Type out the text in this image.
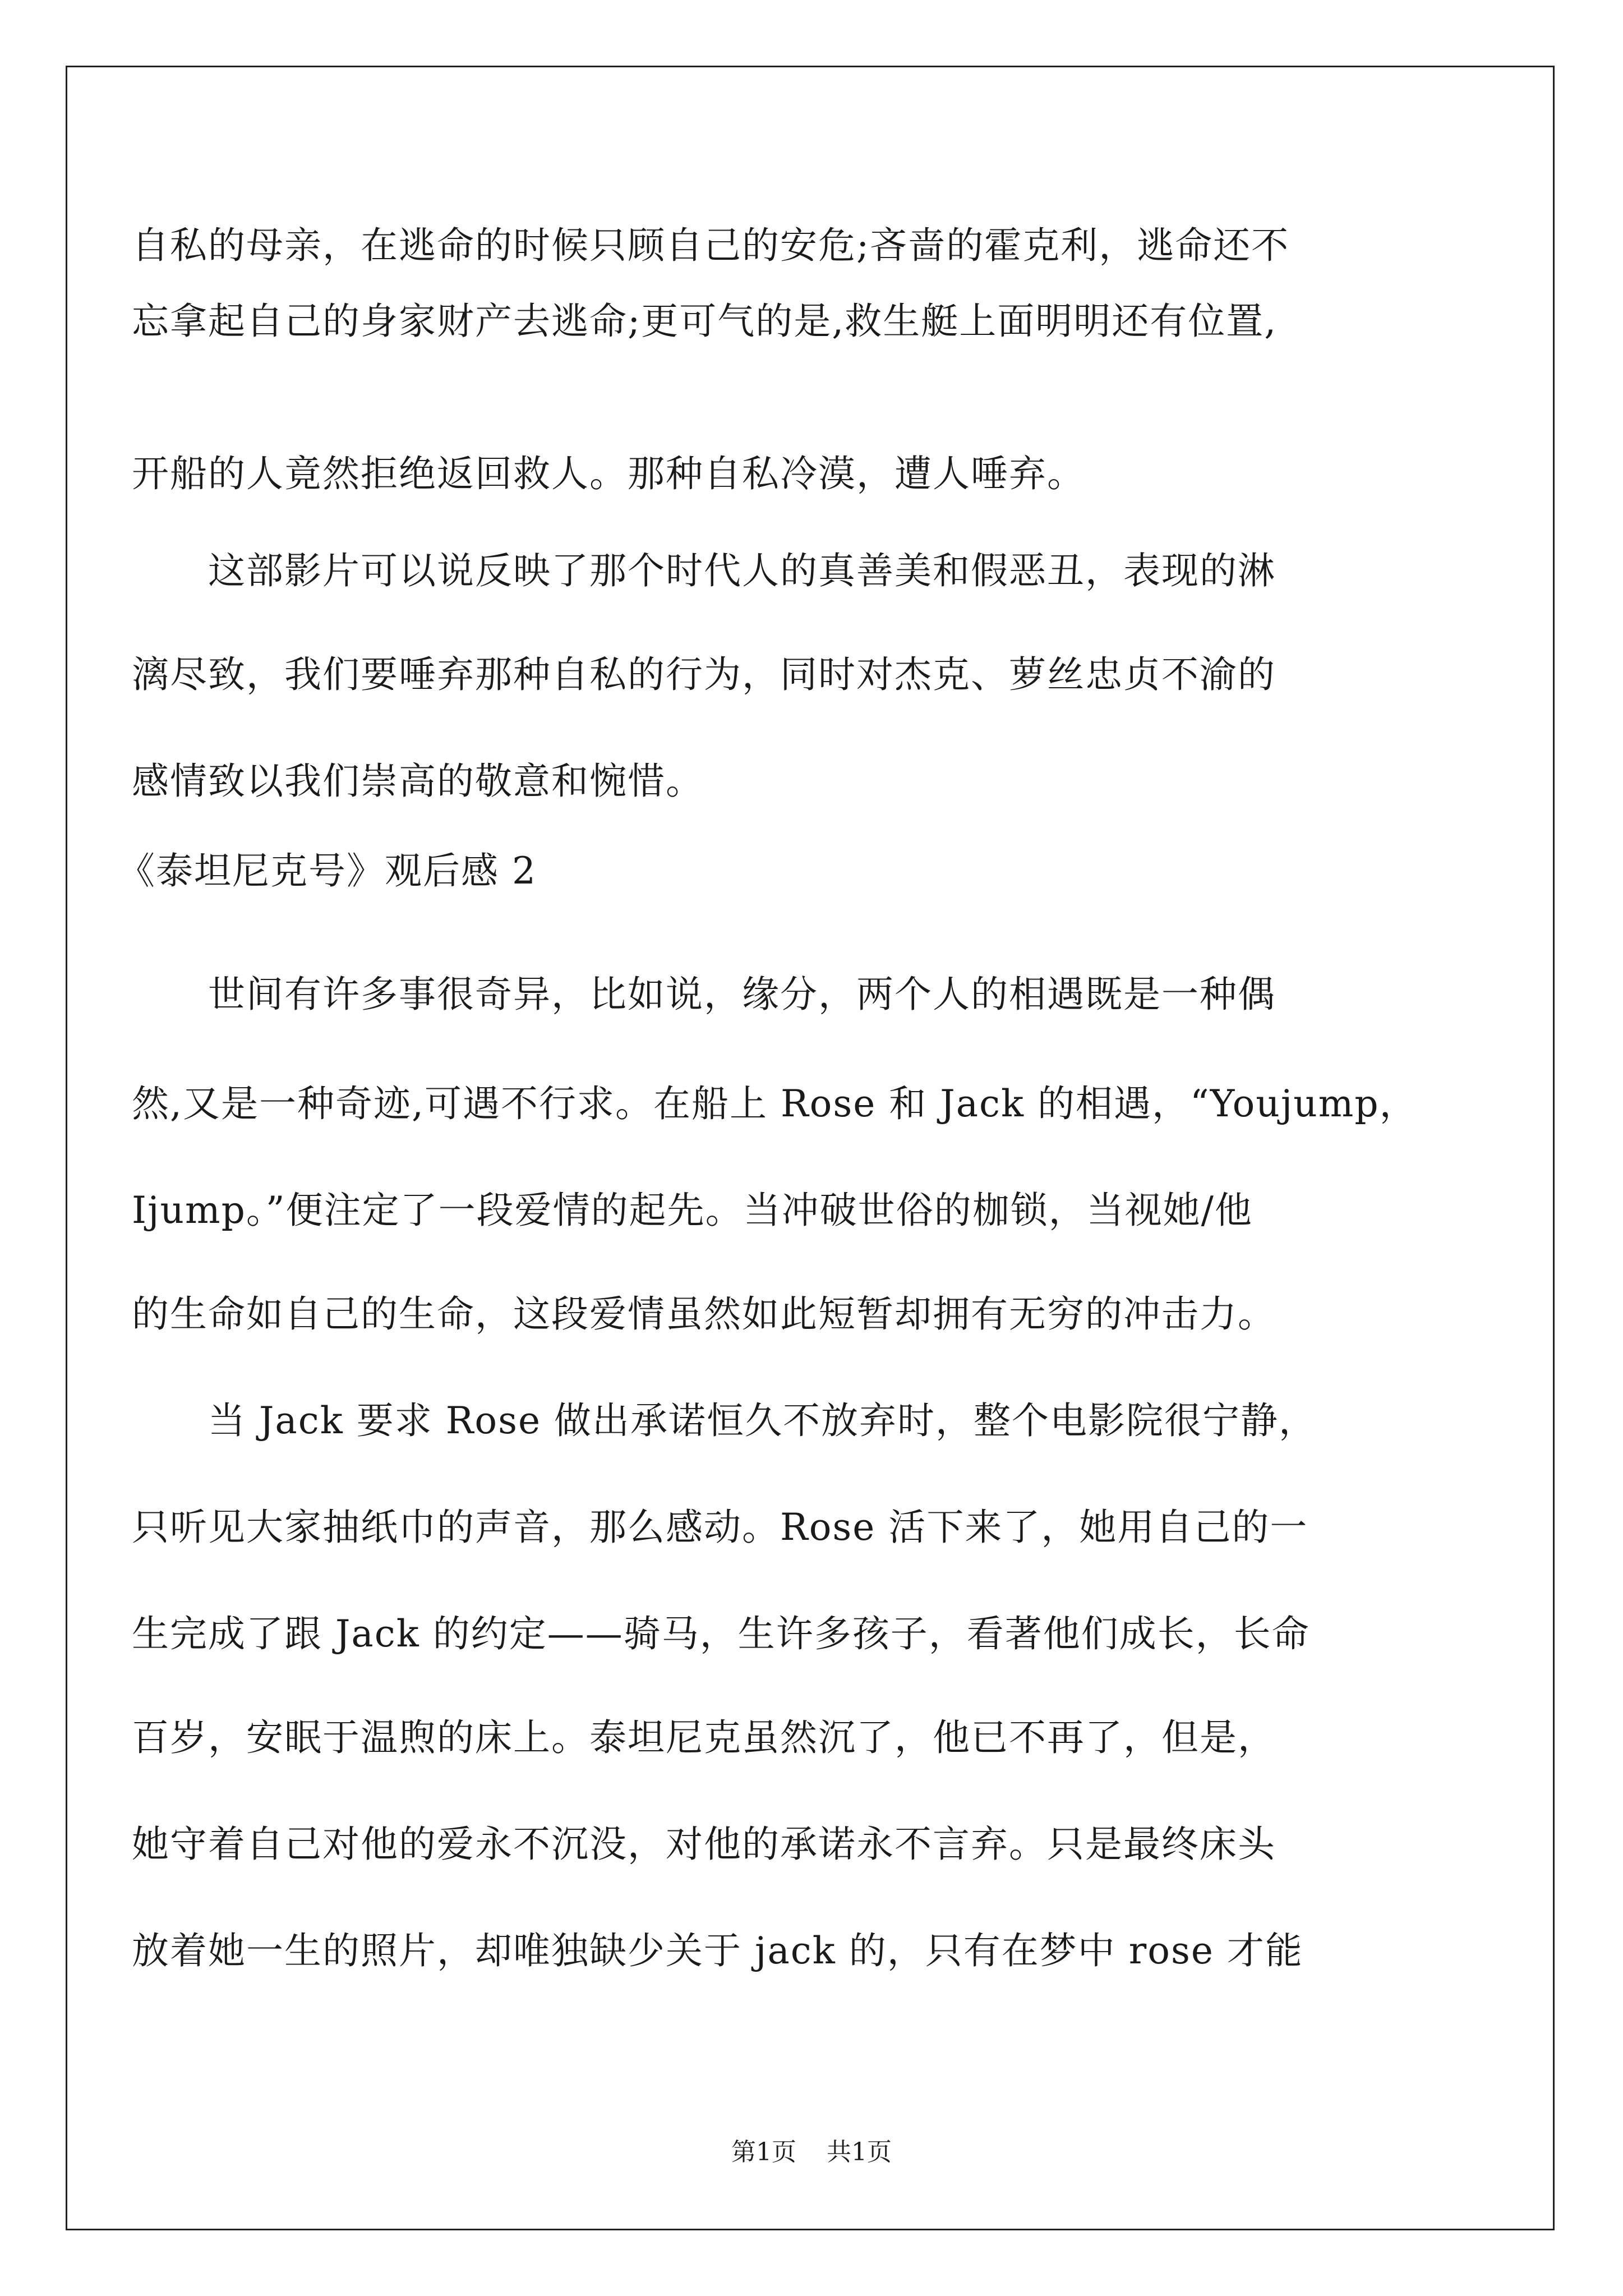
自私的母亲，在逃命的时候只顾自己的安危;吝啬的霍克利，逃命还不
忘拿起自己的身家财产去逃命;更可气的是,救生艇上面明明还有位置,
开船的人竟然拒绝返回救人。那种自私冷漠，遭人唾弃。
　　这部影片可以说反映了那个时代人的真善美和假恶丑，表现的淋
漓尽致，我们要唾弃那种自私的行为，同时对杰克、萝丝忠贞不渝的
感情致以我们崇高的敬意和惋惜。
《泰坦尼克号》观后感 2
　　世间有许多事很奇异，比如说，缘分，两个人的相遇既是一种偶
然,又是一种奇迹,可遇不行求。在船上 Rose 和 Jack 的相遇，“Youjump，
Ijump。”便注定了一段爱情的起先。当冲破世俗的枷锁，当视她/他
的生命如自己的生命，这段爱情虽然如此短暂却拥有无穷的冲击力。
　　当 Jack 要求 Rose 做出承诺恒久不放弃时，整个电影院很宁静，
只听见大家抽纸巾的声音，那么感动。Rose 活下来了，她用自己的一
生完成了跟 Jack 的约定——骑马，生许多孩子，看著他们成长，长命
百岁，安眠于温煦的床上。泰坦尼克虽然沉了，他已不再了，但是，
她守着自己对他的爱永不沉没，对他的承诺永不言弃。只是最终床头
放着她一生的照片，却唯独缺少关于 jack 的，只有在梦中 rose 才能
第1页 共1页
